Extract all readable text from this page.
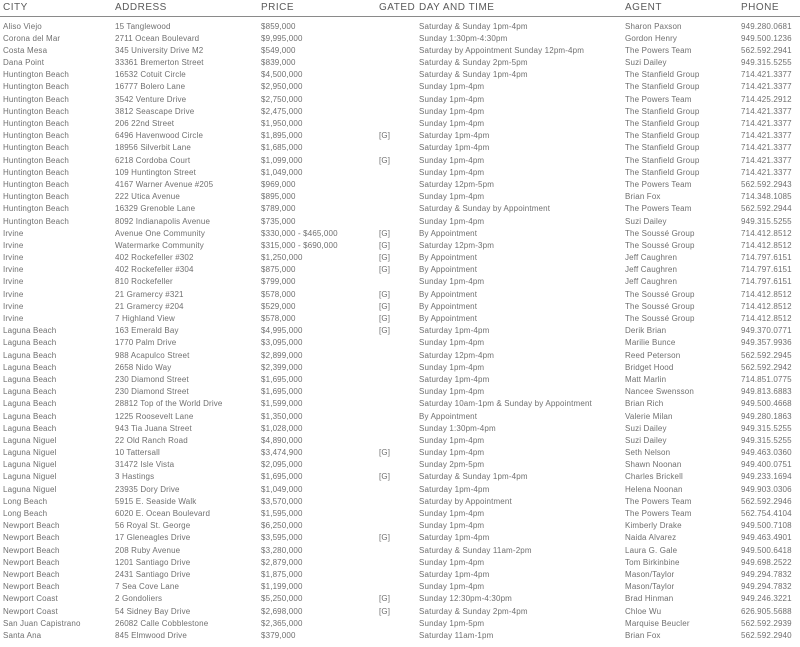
CITY	ADDRESS	PRICE	GATED	DAY AND TIME	AGENT	PHONE
Aliso Viejo	15 Tanglewood	$859,000		Saturday & Sunday 1pm-4pm	Sharon Paxson	949.280.0681
Corona del Mar	2711 Ocean Boulevard	$9,995,000		Sunday 1:30pm-4:30pm	Gordon Henry	949.500.1236
Costa Mesa	345 University Drive M2	$549,000		Saturday by Appointment Sunday 12pm-4pm	The Powers Team	562.592.2941
Dana Point	33361 Bremerton Street	$839,000		Saturday & Sunday 2pm-5pm	Suzi Dailey	949.315.5255
Huntington Beach	16532 Cotuit Circle	$4,500,000		Saturday & Sunday 1pm-4pm	The Stanfield Group	714.421.3377
Huntington Beach	16777 Bolero Lane	$2,950,000		Sunday 1pm-4pm	The Stanfield Group	714.421.3377
Huntington Beach	3542 Venture Drive	$2,750,000		Sunday 1pm-4pm	The Powers Team	714.425.2912
Huntington Beach	3812 Seascape Drive	$2,475,000		Sunday 1pm-4pm	The Stanfield Group	714.421.3377
Huntington Beach	206 22nd Street	$1,950,000		Sunday 1pm-4pm	The Stanfield Group	714.421.3377
Huntington Beach	6496 Havenwood Circle	$1,895,000	[G]	Saturday 1pm-4pm	The Stanfield Group	714.421.3377
Huntington Beach	18956 Silverbit Lane	$1,685,000		Saturday 1pm-4pm	The Stanfield Group	714.421.3377
Huntington Beach	6218 Cordoba Court	$1,099,000	[G]	Sunday 1pm-4pm	The Stanfield Group	714.421.3377
Huntington Beach	109 Huntington Street	$1,049,000		Sunday 1pm-4pm	The Stanfield Group	714.421.3377
Huntington Beach	4167 Warner Avenue #205	$969,000		Saturday 12pm-5pm	The Powers Team	562.592.2943
Huntington Beach	222 Utica Avenue	$895,000		Sunday 1pm-4pm	Brian Fox	714.348.1085
Huntington Beach	16329 Grenoble Lane	$789,000		Saturday & Sunday by Appointment	The Powers Team	562.592.2944
Huntington Beach	8092 Indianapolis Avenue	$735,000		Sunday 1pm-4pm	Suzi Dailey	949.315.5255
Irvine	Avenue One Community	$330,000 - $465,000	[G]	By Appointment	The Soussé Group	714.412.8512
Irvine	Watermarke Community	$315,000 - $690,000	[G]	Saturday 12pm-3pm	The Soussé Group	714.412.8512
Irvine	402 Rockefeller #302	$1,250,000	[G]	By Appointment	Jeff Caughren	714.797.6151
Irvine	402 Rockefeller #304	$875,000	[G]	By Appointment	Jeff Caughren	714.797.6151
Irvine	810 Rockefeller	$799,000		Sunday 1pm-4pm	Jeff Caughren	714.797.6151
Irvine	21 Gramercy #321	$578,000	[G]	By Appointment	The Soussé Group	714.412.8512
Irvine	21 Gramercy #204	$529,000	[G]	By Appointment	The Soussé Group	714.412.8512
Irvine	7 Highland View	$578,000	[G]	By Appointment	The Soussé Group	714.412.8512
Laguna Beach	163 Emerald Bay	$4,995,000	[G]	Saturday 1pm-4pm	Derik Brian	949.370.0771
Laguna Beach	1770 Palm Drive	$3,095,000		Sunday 1pm-4pm	Marilie Bunce	949.357.9936
Laguna Beach	988 Acapulco Street	$2,899,000		Saturday 12pm-4pm	Reed Peterson	562.592.2945
Laguna Beach	2658 Nido Way	$2,399,000		Sunday 1pm-4pm	Bridget Hood	562.592.2942
Laguna Beach	230 Diamond Street	$1,695,000		Saturday 1pm-4pm	Matt Marlin	714.851.0775
Laguna Beach	230 Diamond Street	$1,695,000		Sunday 1pm-4pm	Nancee Swensson	949.813.6883
Laguna Beach	28812 Top of the World Drive	$1,599,000		Saturday 10am-1pm & Sunday by Appointment	Brian Rich	949.500.4668
Laguna Beach	1225 Roosevelt Lane	$1,350,000		By Appointment	Valerie Milan	949.280.1863
Laguna Beach	943 Tia Juana Street	$1,028,000		Sunday 1:30pm-4pm	Suzi Dailey	949.315.5255
Laguna Niguel	22 Old Ranch Road	$4,890,000		Sunday 1pm-4pm	Suzi Dailey	949.315.5255
Laguna Niguel	10 Tattersall	$3,474,900	[G]	Sunday 1pm-4pm	Seth Nelson	949.463.0360
Laguna Niguel	31472 Isle Vista	$2,095,000		Sunday 2pm-5pm	Shawn Noonan	949.400.0751
Laguna Niguel	3 Hastings	$1,695,000	[G]	Saturday & Sunday 1pm-4pm	Charles Brickell	949.233.1694
Laguna Niguel	23935 Dory Drive	$1,049,000		Saturday 1pm-4pm	Helena Noonan	949.903.0306
Long Beach	5915 E. Seaside Walk	$3,570,000		Saturday by Appointment	The Powers Team	562.592.2946
Long Beach	6020 E. Ocean Boulevard	$1,595,000		Sunday 1pm-4pm	The Powers Team	562.754.4104
Newport Beach	56 Royal St. George	$6,250,000		Sunday 1pm-4pm	Kimberly Drake	949.500.7108
Newport Beach	17 Gleneagles Drive	$3,595,000	[G]	Saturday 1pm-4pm	Naida Alvarez	949.463.4901
Newport Beach	208 Ruby Avenue	$3,280,000		Saturday & Sunday 11am-2pm	Laura G. Gale	949.500.6418
Newport Beach	1201 Santiago Drive	$2,879,000		Sunday 1pm-4pm	Tom Birkinbine	949.698.2522
Newport Beach	2431 Santiago Drive	$1,875,000		Saturday 1pm-4pm	Mason/Taylor	949.294.7832
Newport Beach	7 Sea Cove Lane	$1,199,000		Sunday 1pm-4pm	Mason/Taylor	949.294.7832
Newport Coast	2 Gondoliers	$5,250,000	[G]	Sunday 12:30pm-4:30pm	Brad Hinman	949.246.3221
Newport Coast	54 Sidney Bay Drive	$2,698,000	[G]	Saturday & Sunday 2pm-4pm	Chloe Wu	626.905.5688
San Juan Capistrano	26082 Calle Cobblestone	$2,365,000		Sunday 1pm-5pm	Marquise Beucler	562.592.2939
Santa Ana	845 Elmwood Drive	$379,000		Saturday 11am-1pm	Brian Fox	562.592.2940
